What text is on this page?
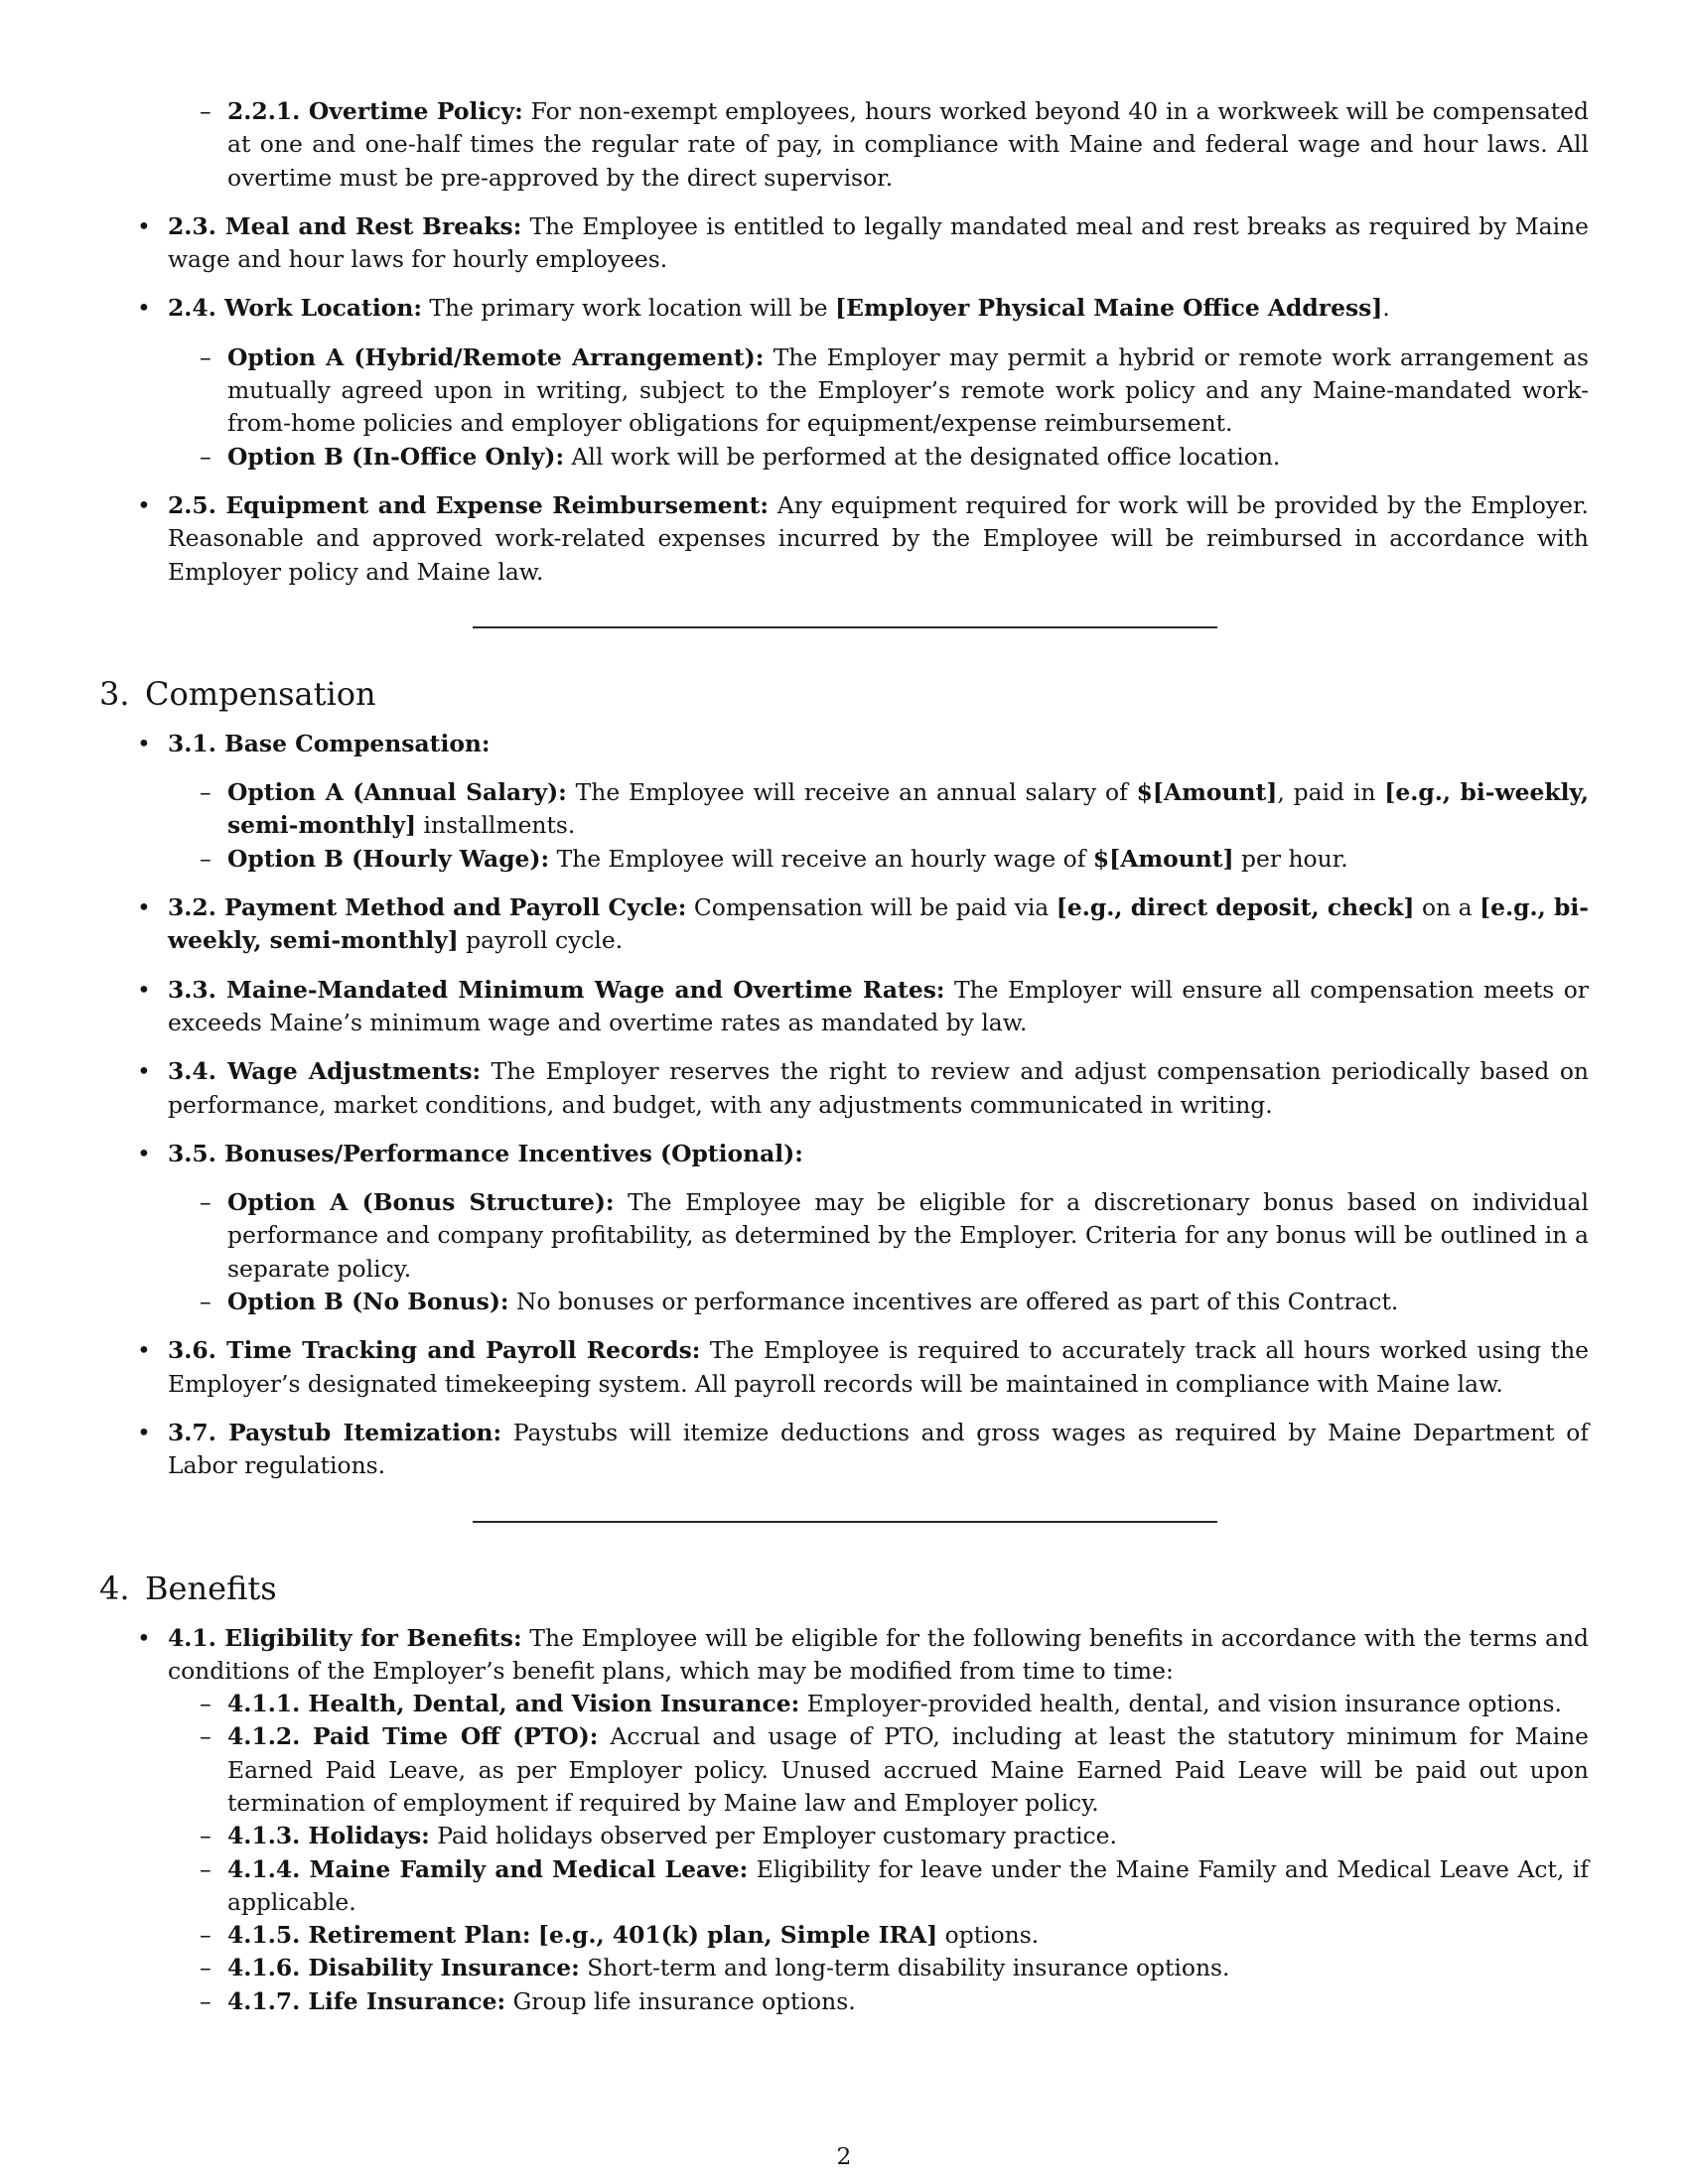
– 2.2.1. Overtime Policy: For non-exempt employees, hours worked beyond 40 in a workweek will be compensated at one and one-half times the regular rate of pay, in compliance with Maine and federal wage and hour laws. All overtime must be pre-approved by the direct supervisor.

• 2.3. Meal and Rest Breaks: The Employee is entitled to legally mandated meal and rest breaks as required by Maine wage and hour laws for hourly employees.

• 2.4. Work Location: The primary work location will be [Employer Physical Maine Office Address].

– Option A (Hybrid/Remote Arrangement): The Employer may permit a hybrid or remote work arrangement as mutually agreed upon in writing, subject to the Employer’s remote work policy and any Maine-mandated work-from-home policies and employer obligations for equipment/expense reimbursement.

– Option B (In-Office Only): All work will be performed at the designated office location.

• 2.5. Equipment and Expense Reimbursement: Any equipment required for work will be provided by the Employer. Reasonable and approved work-related expenses incurred by the Employee will be reimbursed in accordance with Employer policy and Maine law.

3. Compensation

• 3.1. Base Compensation:

– Option A (Annual Salary): The Employee will receive an annual salary of $[Amount], paid in [e.g., bi-weekly, semi-monthly] installments.

– Option B (Hourly Wage): The Employee will receive an hourly wage of $[Amount] per hour.

• 3.2. Payment Method and Payroll Cycle: Compensation will be paid via [e.g., direct deposit, check] on a [e.g., bi-weekly, semi-monthly] payroll cycle.

• 3.3. Maine-Mandated Minimum Wage and Overtime Rates: The Employer will ensure all compensation meets or exceeds Maine’s minimum wage and overtime rates as mandated by law.

• 3.4. Wage Adjustments: The Employer reserves the right to review and adjust compensation periodically based on performance, market conditions, and budget, with any adjustments communicated in writing.

• 3.5. Bonuses/Performance Incentives (Optional):

– Option A (Bonus Structure): The Employee may be eligible for a discretionary bonus based on individual performance and company profitability, as determined by the Employer. Criteria for any bonus will be outlined in a separate policy.

– Option B (No Bonus): No bonuses or performance incentives are offered as part of this Contract.

• 3.6. Time Tracking and Payroll Records: The Employee is required to accurately track all hours worked using the Employer’s designated timekeeping system. All payroll records will be maintained in compliance with Maine law.

• 3.7. Paystub Itemization: Paystubs will itemize deductions and gross wages as required by Maine Department of Labor regulations.

4. Benefits

• 4.1. Eligibility for Benefits: The Employee will be eligible for the following benefits in accordance with the terms and conditions of the Employer’s benefit plans, which may be modified from time to time:

– 4.1.1. Health, Dental, and Vision Insurance: Employer-provided health, dental, and vision insurance options.

– 4.1.2. Paid Time Off (PTO): Accrual and usage of PTO, including at least the statutory minimum for Maine Earned Paid Leave, as per Employer policy. Unused accrued Maine Earned Paid Leave will be paid out upon termination of employment if required by Maine law and Employer policy.

– 4.1.3. Holidays: Paid holidays observed per Employer customary practice.

– 4.1.4. Maine Family and Medical Leave: Eligibility for leave under the Maine Family and Medical Leave Act, if applicable.

– 4.1.5. Retirement Plan: [e.g., 401(k) plan, Simple IRA] options.

– 4.1.6. Disability Insurance: Short-term and long-term disability insurance options.

– 4.1.7. Life Insurance: Group life insurance options.

2
